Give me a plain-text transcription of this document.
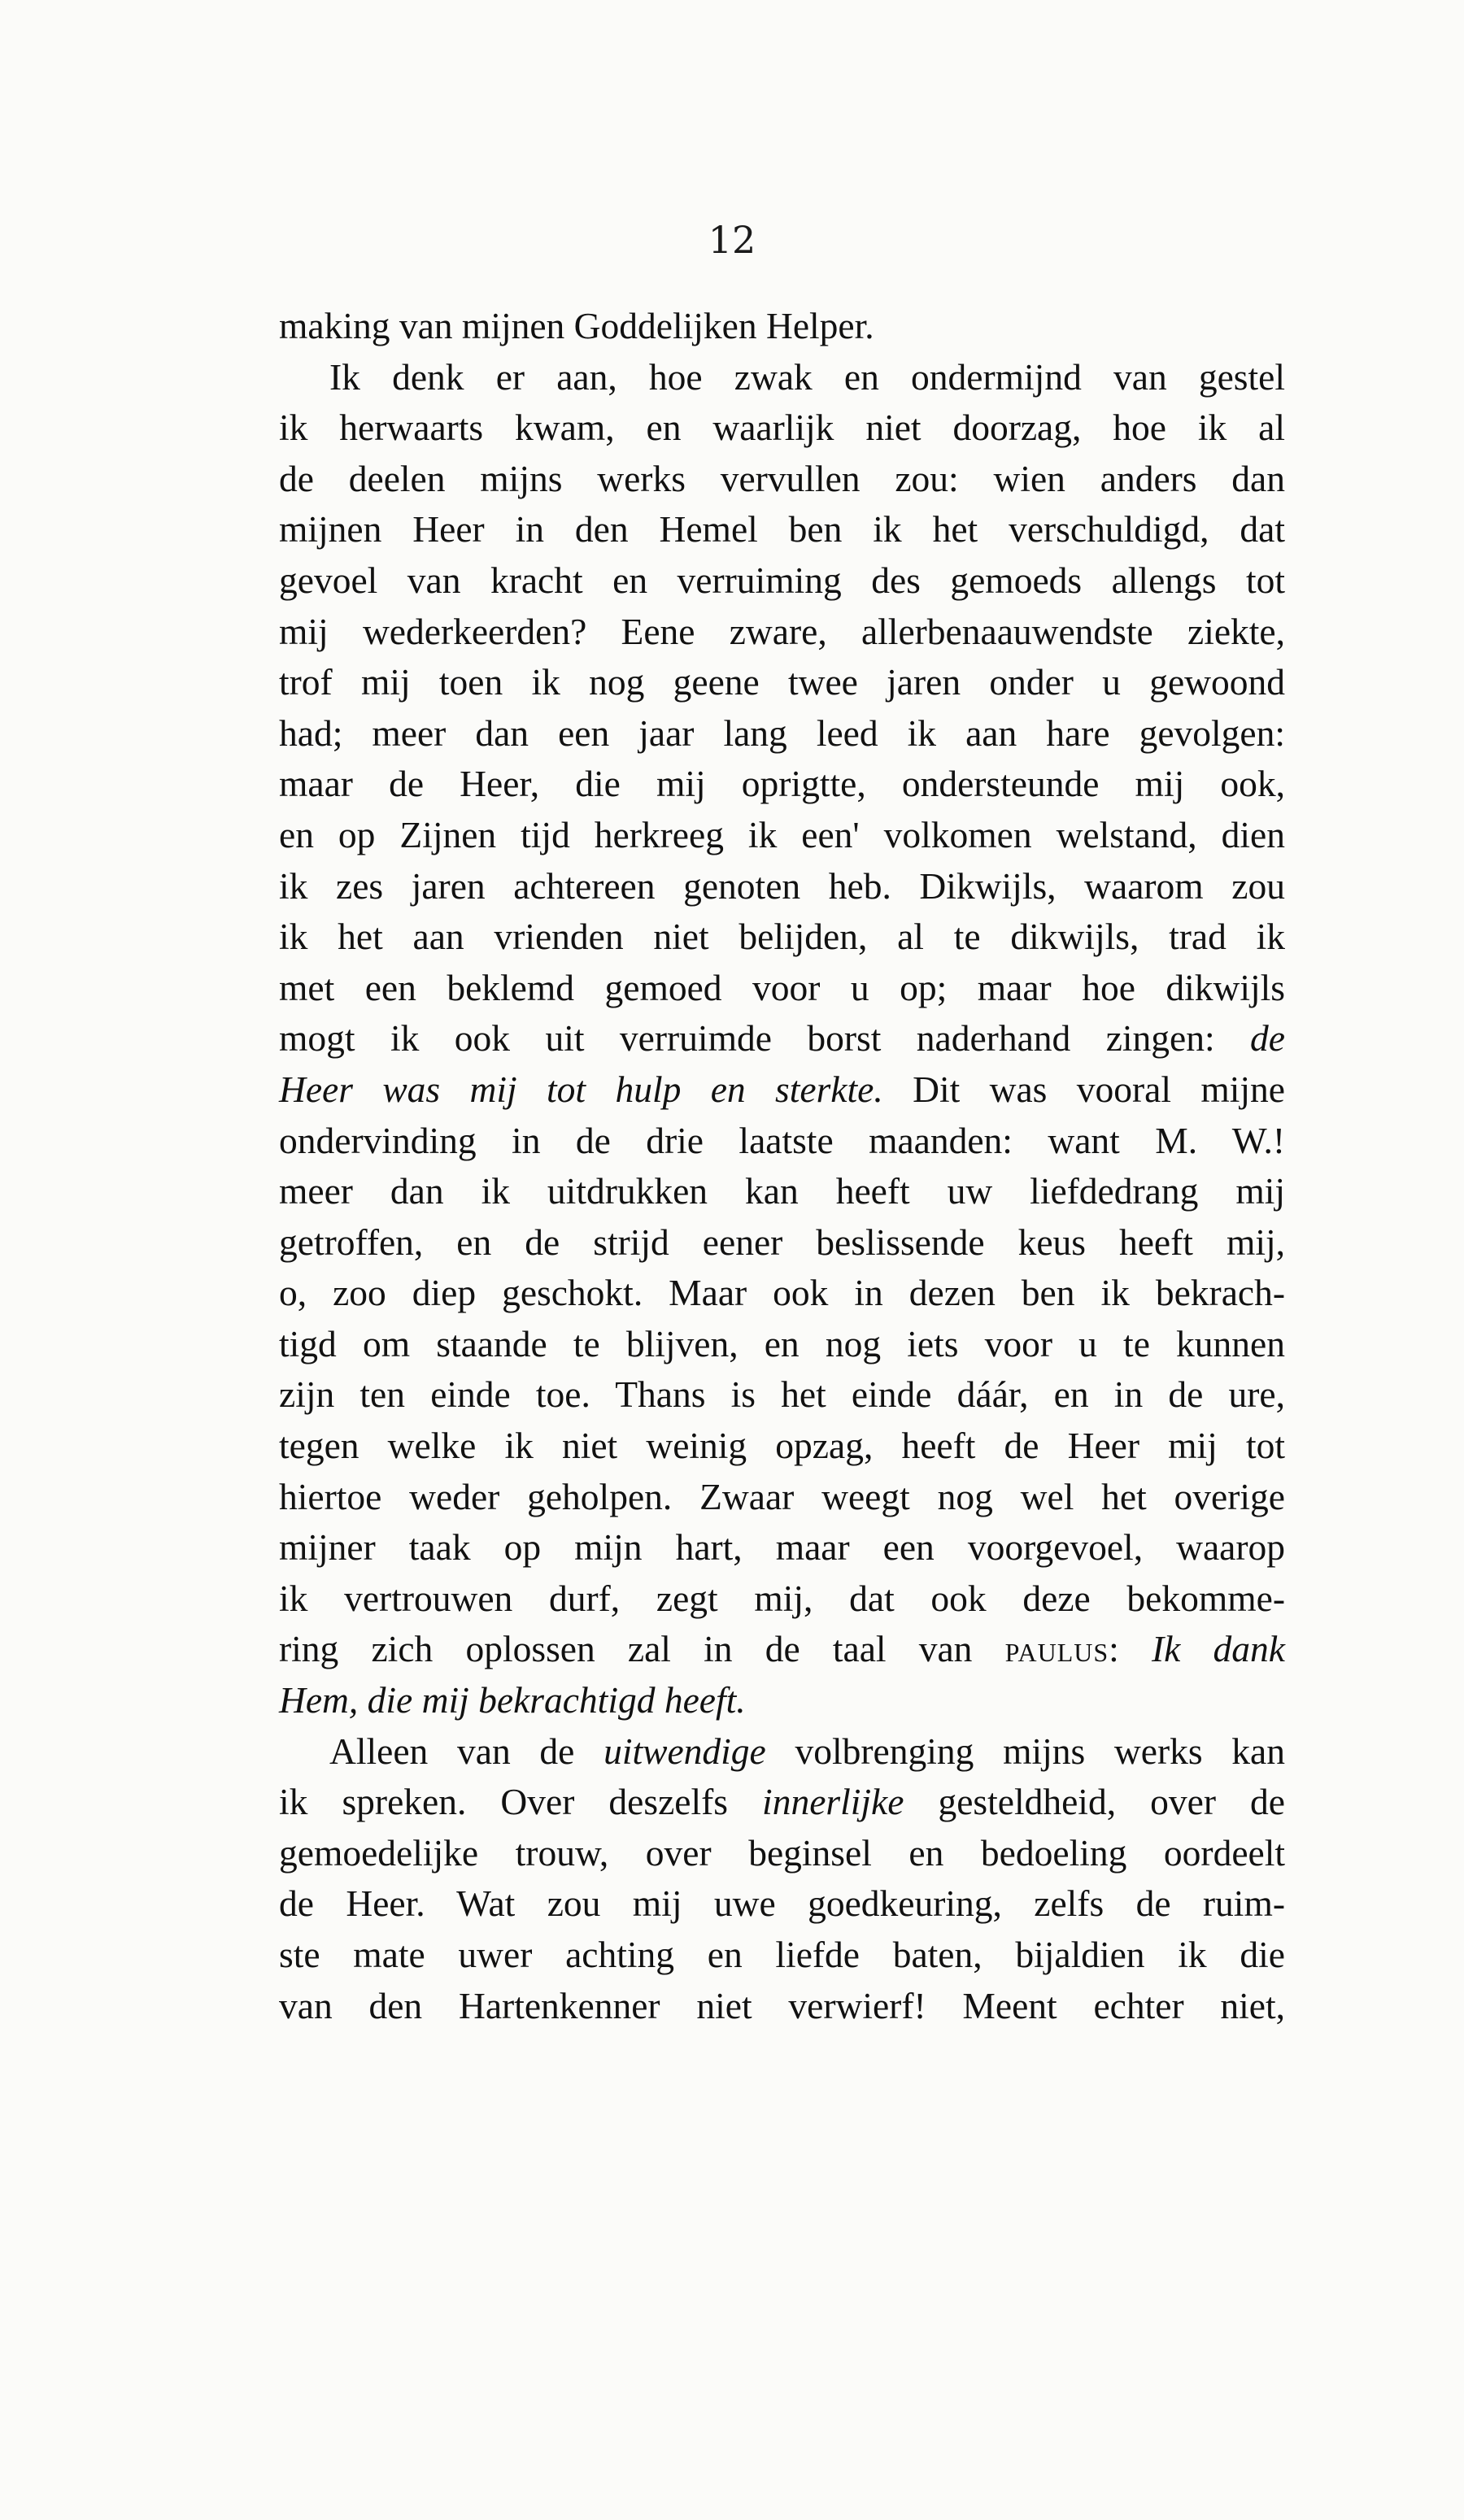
12
making van mijnen Goddelijken Helper.
Ik denk er aan, hoe zwak en ondermijnd van gestel
ik herwaarts kwam, en waarlijk niet doorzag, hoe ik al
de deelen mijns werks vervullen zou: wien anders dan
mijnen Heer in den Hemel ben ik het verschuldigd, dat
gevoel van kracht en verruiming des gemoeds allengs tot
mij wederkeerden? Eene zware, allerbenaauwendste ziekte,
trof mij toen ik nog geene twee jaren onder u gewoond
had; meer dan een jaar lang leed ik aan hare gevolgen:
maar de Heer, die mij oprigtte, ondersteunde mij ook,
en op Zijnen tijd herkreeg ik een' volkomen welstand, dien
ik zes jaren achtereen genoten heb. Dikwijls, waarom zou
ik het aan vrienden niet belijden, al te dikwijls, trad ik
met een beklemd gemoed voor u op; maar hoe dikwijls
mogt ik ook uit verruimde borst naderhand zingen: de
Heer was mij tot hulp en sterkte. Dit was vooral mijne
ondervinding in de drie laatste maanden: want M. W.!
meer dan ik uitdrukken kan heeft uw liefdedrang mij
getroffen, en de strijd eener beslissende keus heeft mij,
o, zoo diep geschokt. Maar ook in dezen ben ik bekrach-
tigd om staande te blijven, en nog iets voor u te kunnen
zijn ten einde toe. Thans is het einde dáár, en in de ure,
tegen welke ik niet weinig opzag, heeft de Heer mij tot
hiertoe weder geholpen. Zwaar weegt nog wel het overige
mijner taak op mijn hart, maar een voorgevoel, waarop
ik vertrouwen durf, zegt mij, dat ook deze bekomme-
ring zich oplossen zal in de taal van paulus: Ik dank
Hem, die mij bekrachtigd heeft.
Alleen van de uitwendige volbrenging mijns werks kan
ik spreken. Over deszelfs innerlijke gesteldheid, over de
gemoedelijke trouw, over beginsel en bedoeling oordeelt
de Heer. Wat zou mij uwe goedkeuring, zelfs de ruim-
ste mate uwer achting en liefde baten, bijaldien ik die
van den Hartenkenner niet verwierf! Meent echter niet,
